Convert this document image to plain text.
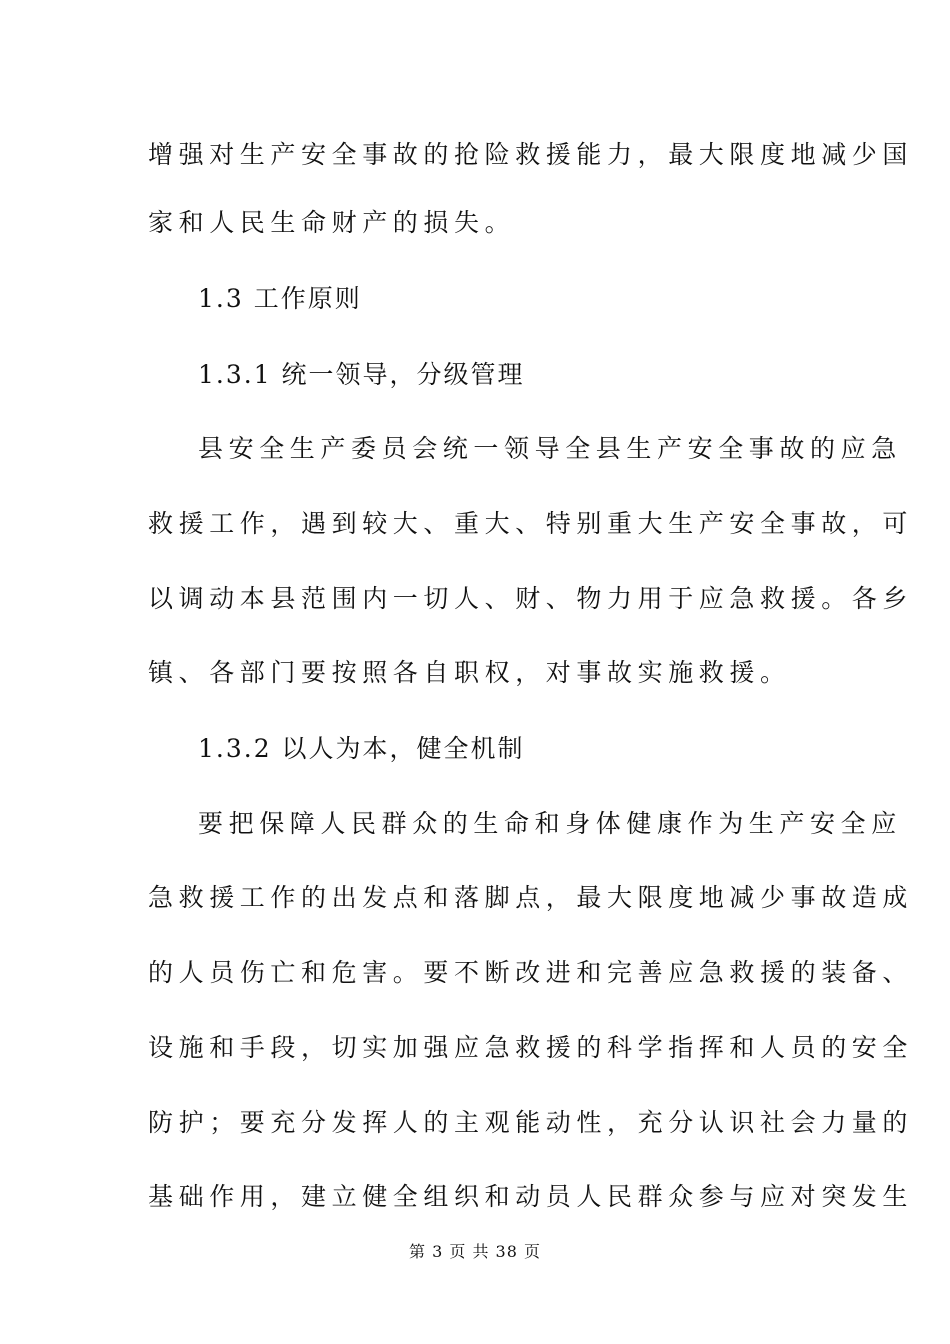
增强对生产安全事故的抢险救援能力，最大限度地减少国
家和人民生命财产的损失。
1.3 工作原则
1.3.1 统一领导，分级管理
县安全生产委员会统一领导全县生产安全事故的应急
救援工作，遇到较大、重大、特别重大生产安全事故，可
以调动本县范围内一切人、财、物力用于应急救援。各乡
镇、各部门要按照各自职权，对事故实施救援。
1.3.2 以人为本，健全机制
要把保障人民群众的生命和身体健康作为生产安全应
急救援工作的出发点和落脚点，最大限度地减少事故造成
的人员伤亡和危害。要不断改进和完善应急救援的装备、
设施和手段，切实加强应急救援的科学指挥和人员的安全
防护；要充分发挥人的主观能动性，充分认识社会力量的
基础作用，建立健全组织和动员人民群众参与应对突发生
第 3 页 共 38 页
